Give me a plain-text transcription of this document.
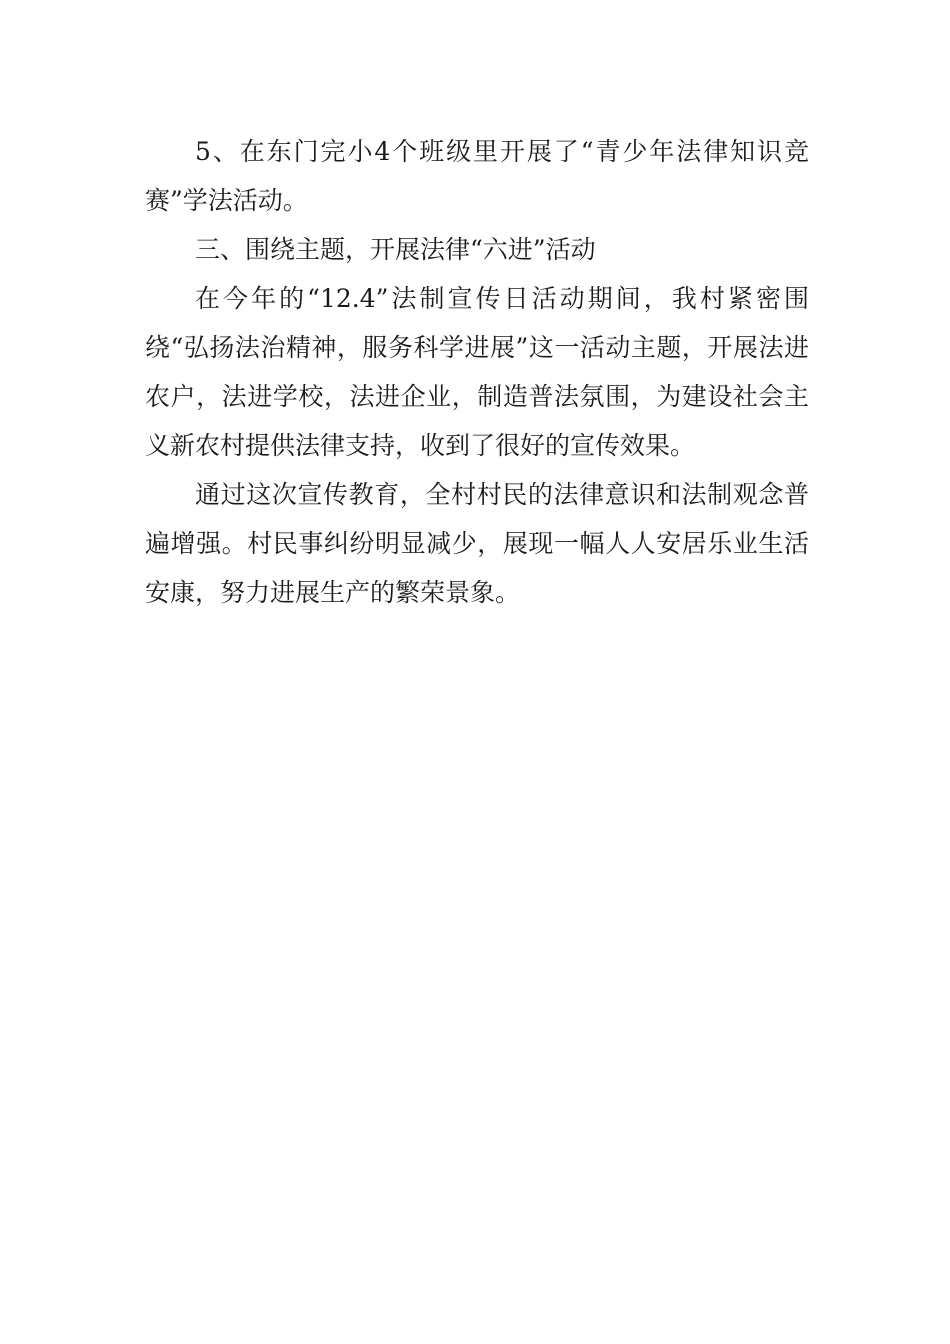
5、在东门完小4个班级里开展了“青少年法律知识竞赛”学法活动。

三、围绕主题，开展法律“六进”活动

在今年的“12.4”法制宣传日活动期间，我村紧密围绕“弘扬法治精神，服务科学进展”这一活动主题，开展法进农户，法进学校，法进企业，制造普法氛围，为建设社会主义新农村提供法律支持，收到了很好的宣传效果。

通过这次宣传教育，全村村民的法律意识和法制观念普遍增强。村民事纠纷明显减少，展现一幅人人安居乐业生活安康，努力进展生产的繁荣景象。
